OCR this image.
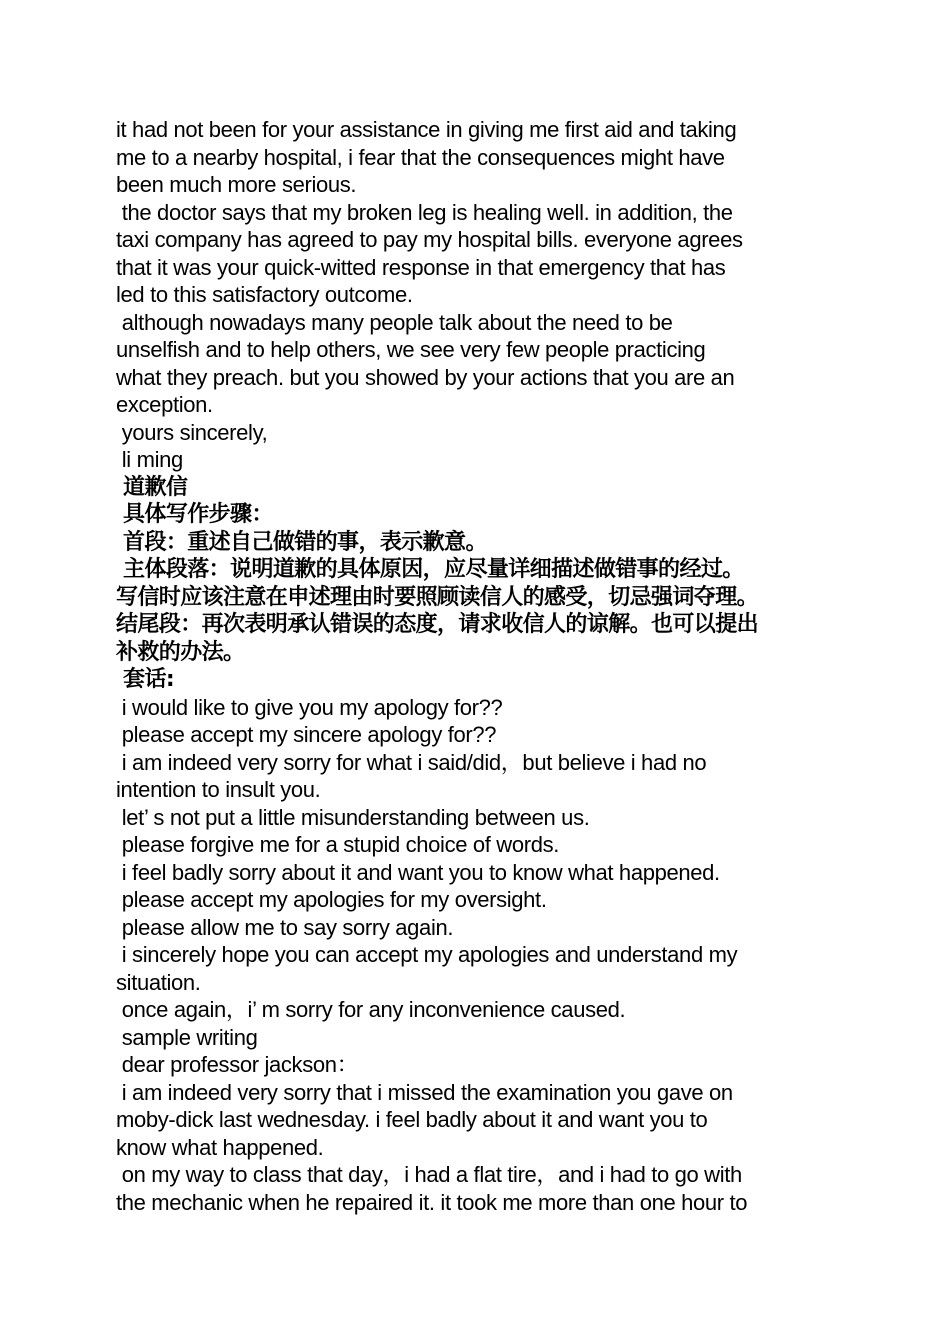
it had not been for your assistance in giving me first aid and taking
me to a nearby hospital, i fear that the consequences might have
been much more serious.
the doctor says that my broken leg is healing well. in addition, the
taxi company has agreed to pay my hospital bills. everyone agrees
that it was your quick-witted response in that emergency that has
led to this satisfactory outcome.
although nowadays many people talk about the need to be
unselfish and to help others, we see very few people practicing
what they preach. but you showed by your actions that you are an
exception.
yours sincerely,
li ming
道歉信
具体写作步骤：
首段：重述自己做错的事，表示歉意。
主体段落：说明道歉的具体原因，应尽量详细描述做错事的经过。
写信时应该注意在申述理由时要照顾读信人的感受，切忌强词夺理。
结尾段：再次表明承认错误的态度，请求收信人的谅解。也可以提出
补救的办法。
套话:
i would like to give you my apology for??
please accept my sincere apology for??
i am indeed very sorry for what i said/did，but believe i had no
intention to insult you.
let’ s not put a little misunderstanding between us.
please forgive me for a stupid choice of words.
i feel badly sorry about it and want you to know what happened.
please accept my apologies for my oversight.
please allow me to say sorry again.
i sincerely hope you can accept my apologies and understand my
situation.
once again，i’ m sorry for any inconvenience caused.
sample writing
dear professor jackson：
i am indeed very sorry that i missed the examination you gave on
moby-dick last wednesday. i feel badly about it and want you to
know what happened.
on my way to class that day，i had a flat tire，and i had to go with
the mechanic when he repaired it. it took me more than one hour to
